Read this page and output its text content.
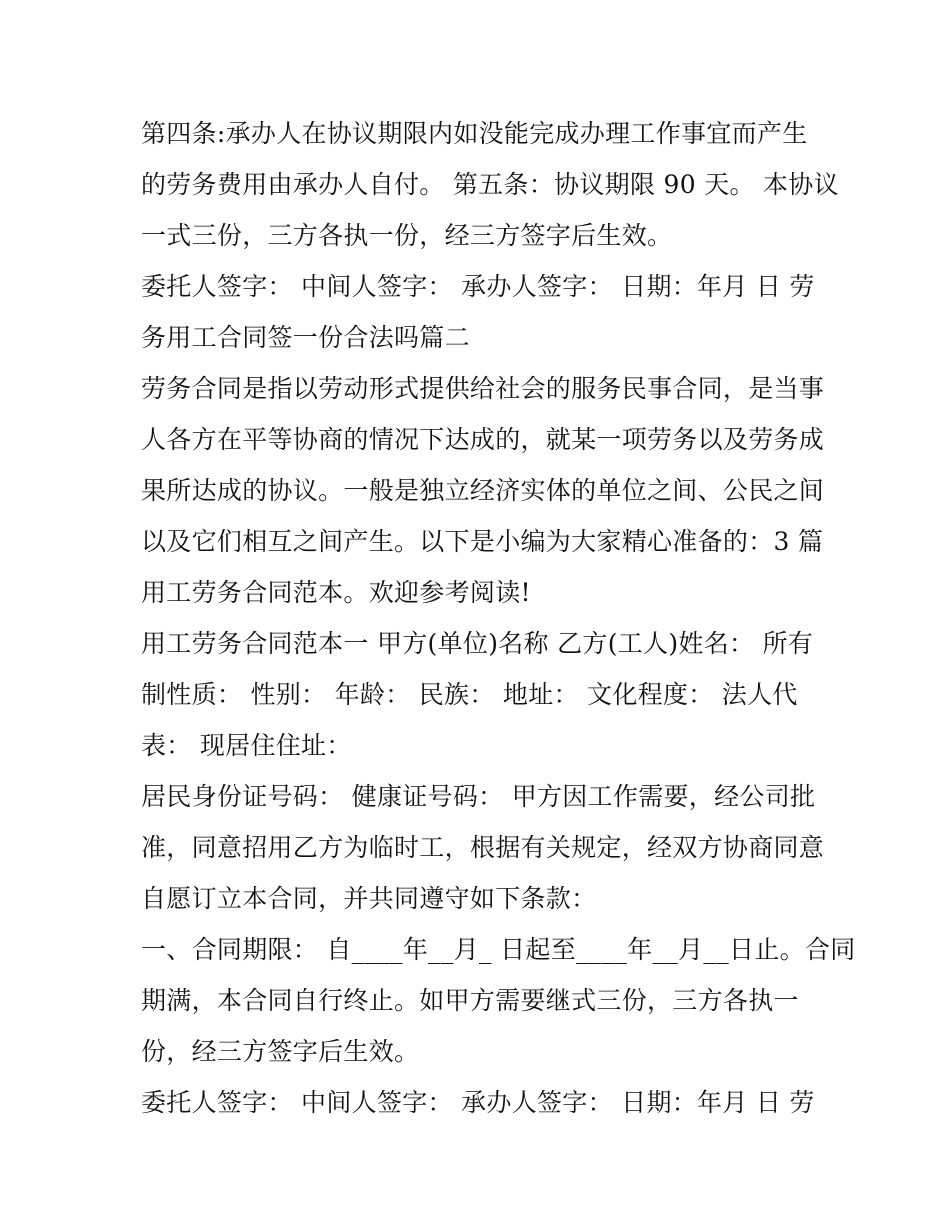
第四条:承办人在协议期限内如没能完成办理工作事宜而产生
的劳务费用由承办人自付。 第五条：协议期限 90 天。 本协议
一式三份，三方各执一份，经三方签字后生效。
委托人签字： 中间人签字： 承办人签字： 日期：年月 日 劳
务用工合同签一份合法吗篇二
劳务合同是指以劳动形式提供给社会的服务民事合同，是当事
人各方在平等协商的情况下达成的，就某一项劳务以及劳务成
果所达成的协议。一般是独立经济实体的单位之间、公民之间
以及它们相互之间产生。以下是小编为大家精心准备的：3 篇
用工劳务合同范本。欢迎参考阅读!
用工劳务合同范本一 甲方(单位)名称 乙方(工人)姓名： 所有
制性质： 性别： 年龄： 民族： 地址： 文化程度： 法人代
表： 现居住住址：
居民身份证号码： 健康证号码： 甲方因工作需要，经公司批
准，同意招用乙方为临时工，根据有关规定，经双方协商同意
自愿订立本合同，并共同遵守如下条款：
一、合同期限： 自____年__月_ 日起至____年__月__日止。合同
期满，本合同自行终止。如甲方需要继式三份，三方各执一
份，经三方签字后生效。
委托人签字： 中间人签字： 承办人签字： 日期：年月 日 劳
